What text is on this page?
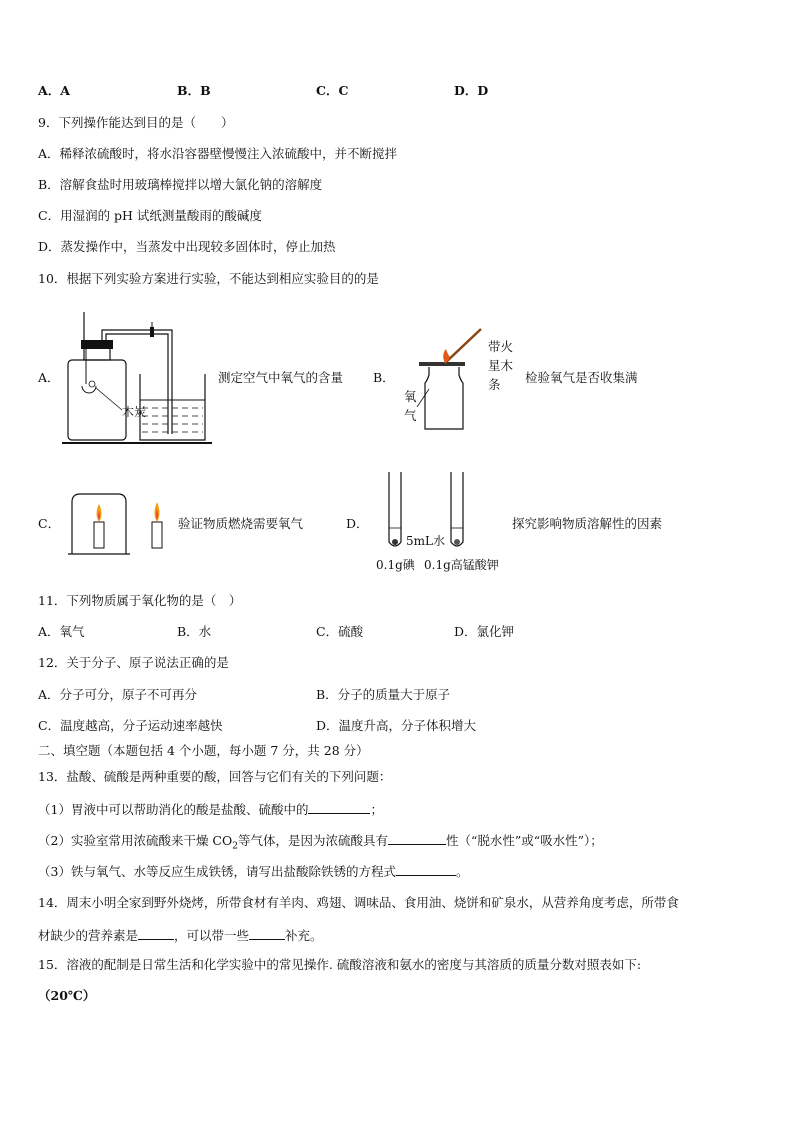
A．A	B．B	C．C	D．D
9．下列操作能达到目的是（　　）
A．稀释浓硫酸时，将水沿容器壁慢慢注入浓硫酸中，并不断搅拌
B．溶解食盐时用玻璃棒搅拌以增大氯化钠的溶解度
C．用湿润的 pH 试纸测量酸雨的酸碱度
D．蒸发操作中，当蒸发中出现较多固体时，停止加热
10．根据下列实验方案进行实验，不能达到相应实验目的的是
A．
木炭
测定空气中氧气的含量 B．
带火
星木
条
氧
气
检验氧气是否收集满
C．	验证物质燃烧需要氧气	D．
5mL水
0.1g碘 0.1g高锰酸钾
探究影响物质溶解性的因素
11．下列物质属于氧化物的是（　）
A．氧气	B．水	C．硫酸	D．氯化钾
12．关于分子、原子说法正确的是
A．分子可分，原子不可再分	B．分子的质量大于原子
C．温度越高，分子运动速率越快	D．温度升高，分子体积增大
二、填空题（本题包括 4 个小题，每小题 7 分，共 28 分）
13．盐酸、硫酸是两种重要的酸，回答与它们有关的下列问题：
（1）胃液中可以帮助消化的酸是盐酸、硫酸中的	；
（2）实验室常用浓硫酸来干燥 $CO_2$等气体，是因为浓硫酸具有	性（“脱水性”或“吸水性”）；
（3）铁与氧气、水等反应生成铁锈，请写出盐酸除铁锈的方程式	。
14．周末小明全家到野外烧烤，所带食材有羊肉、鸡翅、调味品、食用油、烧饼和矿泉水，从营养角度考虑，所带食
材缺少的营养素是	，可以带一些	补充。
15．溶液的配制是日常生活和化学实验中的常见操作. 硫酸溶液和氨水的密度与其溶质的质量分数对照表如下:
（20℃）
